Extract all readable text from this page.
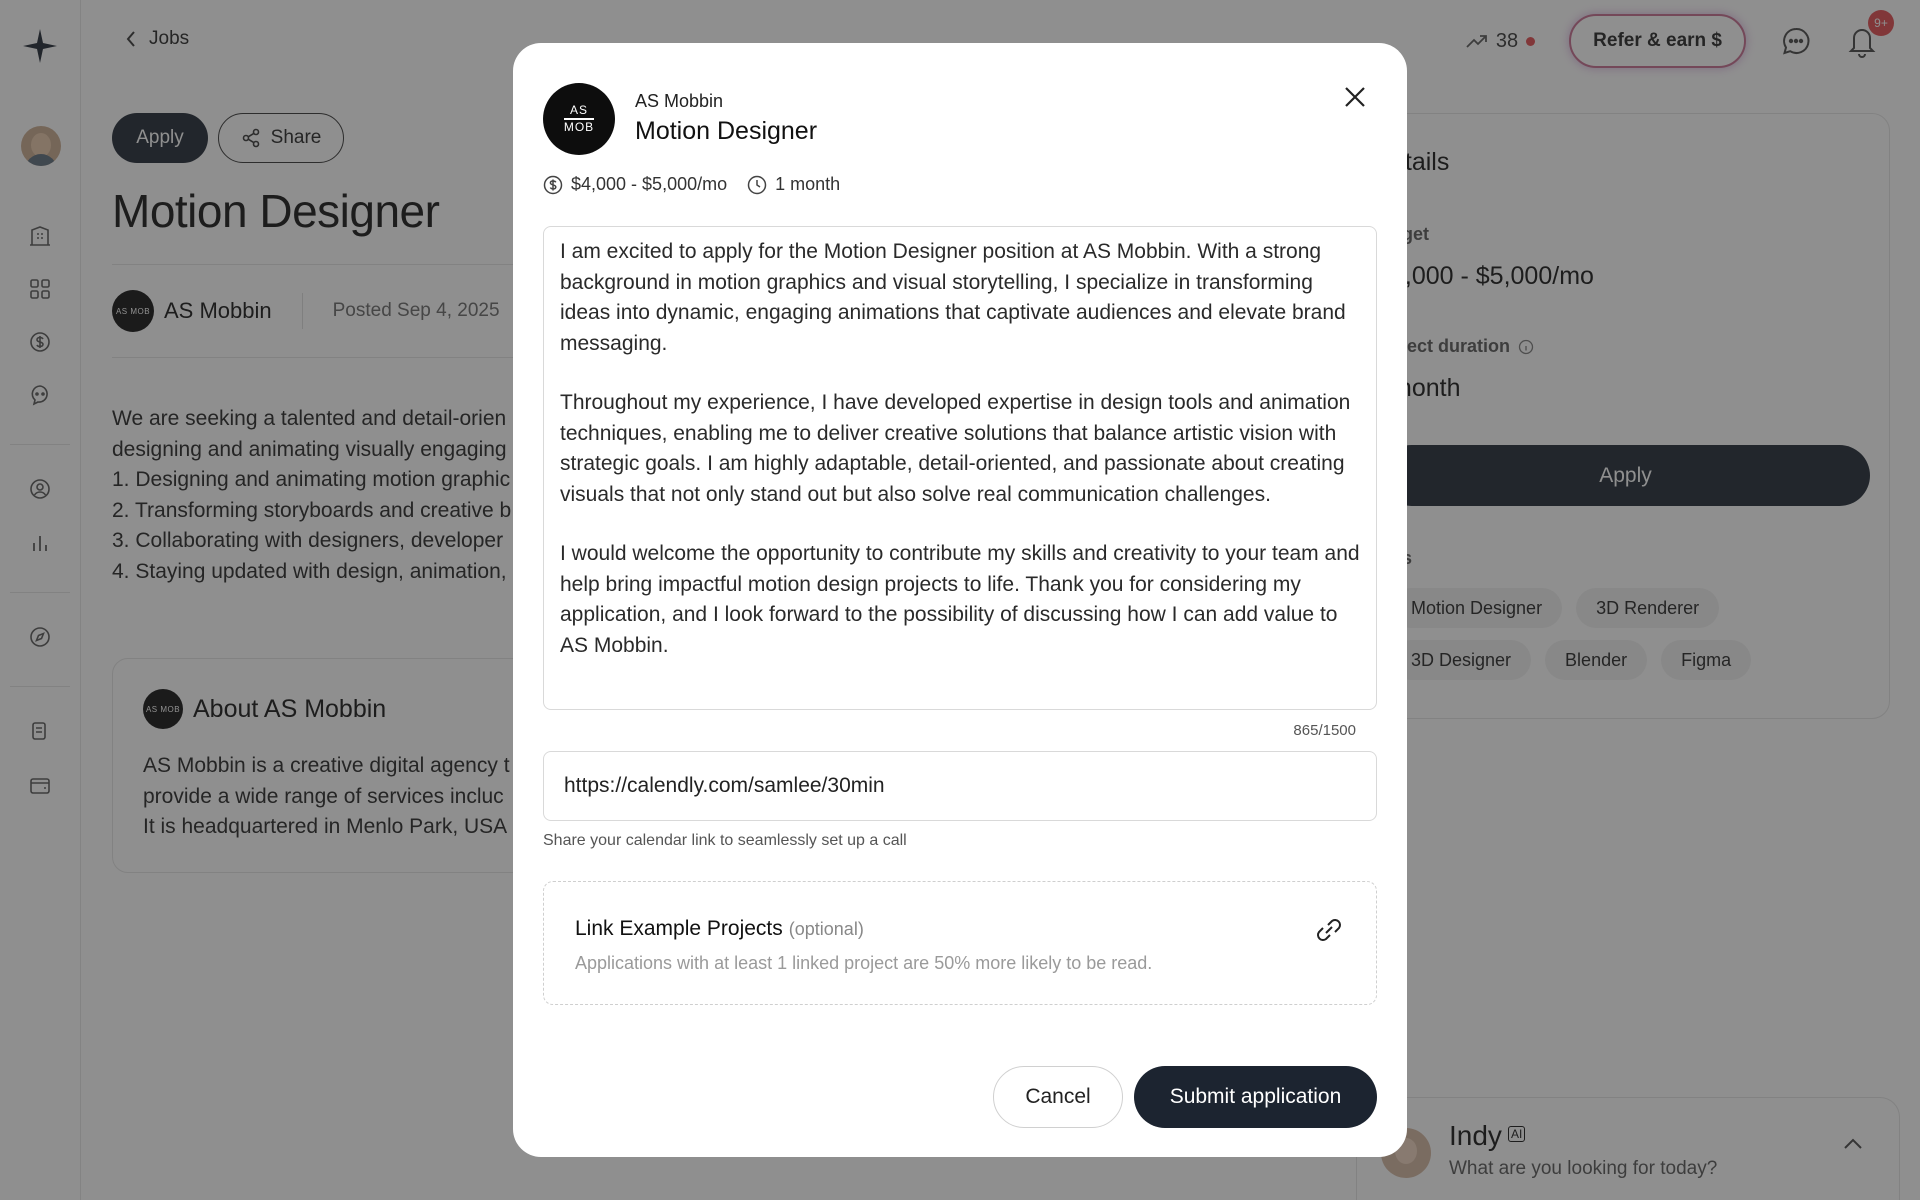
AS
MOB
AS Mobbin
Motion Designer
$4,000 - $5,000/mo	1 month

I am excited to apply for the Motion Designer position at AS Mobbin. With a strong background in motion graphics and visual storytelling, I specialize in transforming ideas into dynamic, engaging animations that captivate audiences and elevate brand messaging.

Throughout my experience, I have developed expertise in design tools and animation techniques, enabling me to deliver creative solutions that balance artistic vision with strategic goals. I am highly adaptable, detail-oriented, and passionate about creating visuals that not only stand out but also solve real communication challenges.

I would welcome the opportunity to contribute my skills and creativity to your team and help bring impactful motion design projects to life. Thank you for considering my application, and I look forward to the possibility of discussing how I can add value to AS Mobbin.

865/1500
https://calendly.com/samlee/30min
Share your calendar link to seamlessly set up a call
Link Example Projects (optional)
Applications with at least 1 linked project are 50% more likely to be read.
Cancel	Submit application
